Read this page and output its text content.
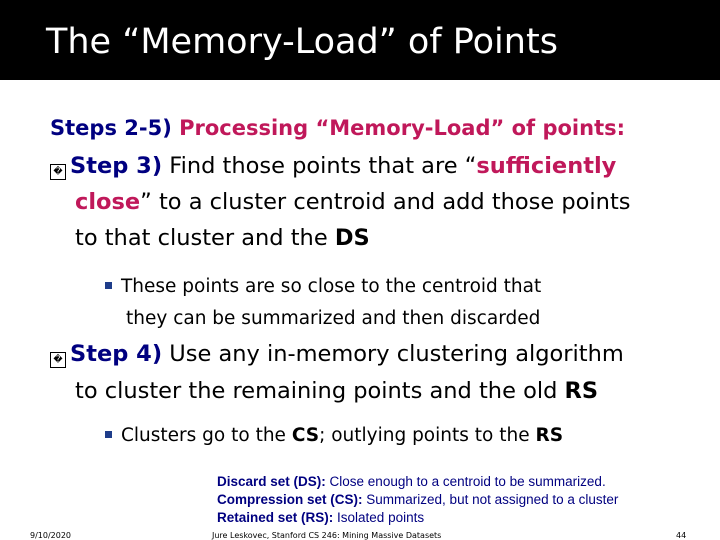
The “Memory-Load” of Points
Steps 2-5) Processing “Memory-Load” of points:
� Step 3) Find those points that are “sufficiently
close” to a cluster centroid and add those points
to that cluster and the DS
These points are so close to the centroid that
they can be summarized and then discarded
� Step 4) Use any in-memory clustering algorithm
to cluster the remaining points and the old RS
Clusters go to the CS; outlying points to the RS
Discard set (DS): Close enough to a centroid to be summarized.
Compression set (CS): Summarized, but not assigned to a cluster
Retained set (RS): Isolated points
9/10/2020	Jure Leskovec, Stanford CS 246: Mining Massive Datasets	44
